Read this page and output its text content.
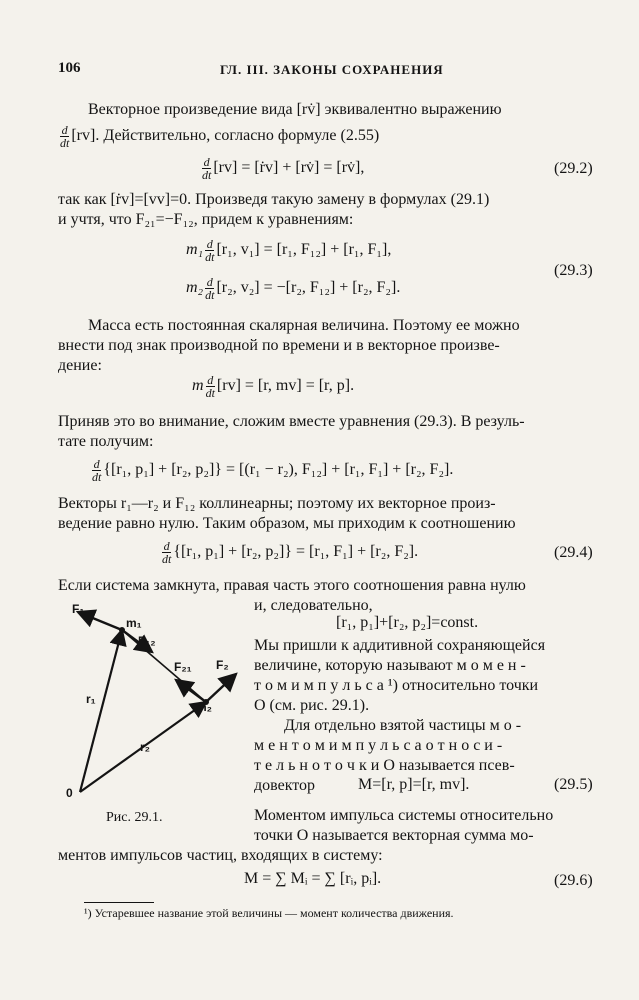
106	ГЛ. III. ЗАКОНЫ СОХРАНЕНИЯ
Векторное произведение вида [rv̇] эквивалентно выражению
$\frac{d}{dt} [rv]$. Действительно, согласно формуле (2.55)
$\frac{d}{dt} [rv]$ = [ṙv] + [rv̇] = [rv̇],	(29.2)
так как [ṙv]=[vv]=0. Произведя такую замену в формулах (29.1)
и учтя, что F₂₁=−F₁₂, придем к уравнениям:
$m_1 \frac{d}{dt} [r_1$, v₁] = [r₁, F₁₂] + [r₁, F₁],
$m_2 \frac{d}{dt} [r_2$, v₂] = −[r₂, F₁₂] + [r₂, F₂].
(29.3)
Масса есть постоянная скалярная величина. Поэтому ее можно
внести под знак производной по времени и в векторное произве-
дение:
m $\frac{d}{dt} [rv] = [r$, mv] = [r, p].
Приняв это во внимание, сложим вместе уравнения (29.3). В резуль-
тате получим:
$\frac{d}{dt} \{[r_1$, p₁] + [r₂, p₂]} = [(r₁ − r₂), F₁₂] + [r₁, F₁] + [r₂, F₂].
Векторы r₁—r₂ и F₁₂ коллинеарны; поэтому их векторное произ-
ведение равно нулю. Таким образом, мы приходим к соотношению
$\frac{d}{dt} \{[r_1$, p₁] + [r₂, p₂]} = [r₁, F₁] + [r₂, F₂].	(29.4)
Если система замкнута, правая часть этого соотношения равна нулю
и, следовательно,
[r₁, p₁]+[r₂, p₂]=const.
Мы пришли к аддитивной сохраняющейся
величине, которую называют м о м е н -
т о м и м п у л ь с а ¹) относительно точки
O (см. рис. 29.1).
Для отдельно взятой частицы м о -
м е н т о м и м п у л ь с а о т н о с и -
т е л ь н о т о ч к и O называется псев-
довектор	M=[r, p]=[r, mv].	(29.5)
F₁
m₁
F₁₂
F₂₁ F₂
m₂
r₁
r₂
0
Рис. 29.1.	Моментом импульса системы относительно
точки O называется векторная сумма мо-
ментов импульсов частиц, входящих в систему:
M = ∑ Mᵢ = ∑ [rᵢ, pᵢ].	(29.6)
¹) Устаревшее название этой величины — момент количества движения.
